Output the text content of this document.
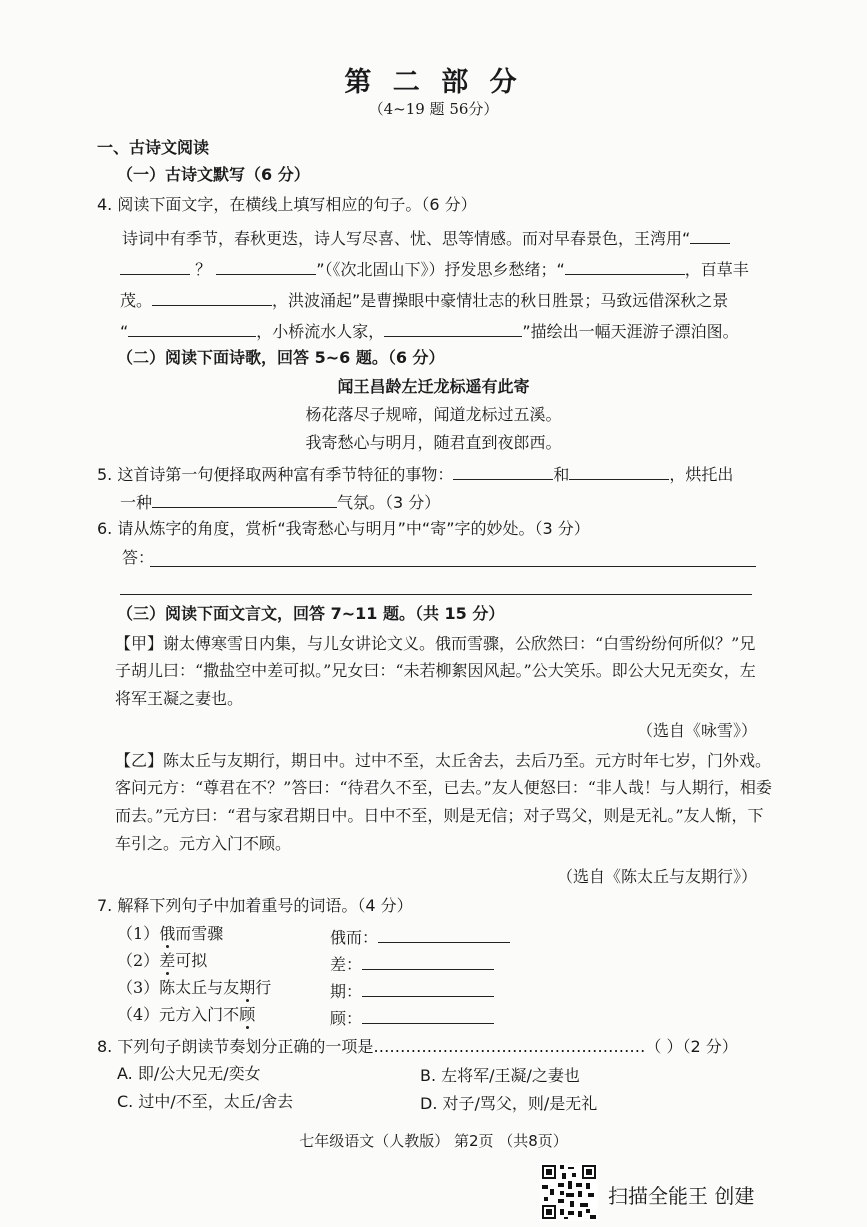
第 二 部 分
（4~19 题 56分）
一、古诗文阅读
（一）古诗文默写（6 分）
4. 阅读下面文字，在横线上填写相应的句子。（6 分）
诗词中有季节，春秋更迭，诗人写尽喜、忧、思等情感。而对早春景色，王湾用“
？	”（《次北固山下》）抒发思乡愁绪；“	，百草丰
茂。	，洪波涌起”是曹操眼中豪情壮志的秋日胜景；马致远借深秋之景
“	，小桥流水人家，	”描绘出一幅天涯游子漂泊图。
（二）阅读下面诗歌，回答 5~6 题。（6 分）
闻王昌龄左迁龙标遥有此寄
杨花落尽子规啼，闻道龙标过五溪。
我寄愁心与明月，随君直到夜郎西。
5. 这首诗第一句便择取两种富有季节特征的事物：	和	，烘托出
一种	气氛。（3 分）
6. 请从炼字的角度，赏析“我寄愁心与明月”中“寄”字的妙处。（3 分）
答：
（三）阅读下面文言文，回答 7~11 题。（共 15 分）
【甲】谢太傅寒雪日内集，与儿女讲论文义。俄而雪骤，公欣然曰：“白雪纷纷何所似？”兄
子胡儿曰：“撒盐空中差可拟。”兄女曰：“未若柳絮因风起。”公大笑乐。即公大兄无奕女，左
将军王凝之妻也。
（选自《咏雪》）
【乙】陈太丘与友期行，期日中。过中不至，太丘舍去，去后乃至。元方时年七岁，门外戏。
客问元方：“尊君在不？”答曰：“待君久不至，已去。”友人便怒曰：“非人哉！与人期行，相委
而去。”元方曰：“君与家君期日中。日中不至，则是无信；对子骂父，则是无礼。”友人惭，下
车引之。元方入门不顾。
（选自《陈太丘与友期行》）
7. 解释下列句子中加着重号的词语。（4 分）
（1）俄而雪骤	俄而：
（2）差可拟	差：
（3）陈太丘与友期行	期：
（4）元方入门不顾	顾：
8. 下列句子朗读节奏划分正确的一项是……………………………………………（ ）（2 分）
A. 即/公大兄无/奕女	B. 左将军/王凝/之妻也
C. 过中/不至，太丘/舍去	D. 对子/骂父，则/是无礼
七年级语文（人教版） 第2页 （共8页）
扫描全能王 创建
